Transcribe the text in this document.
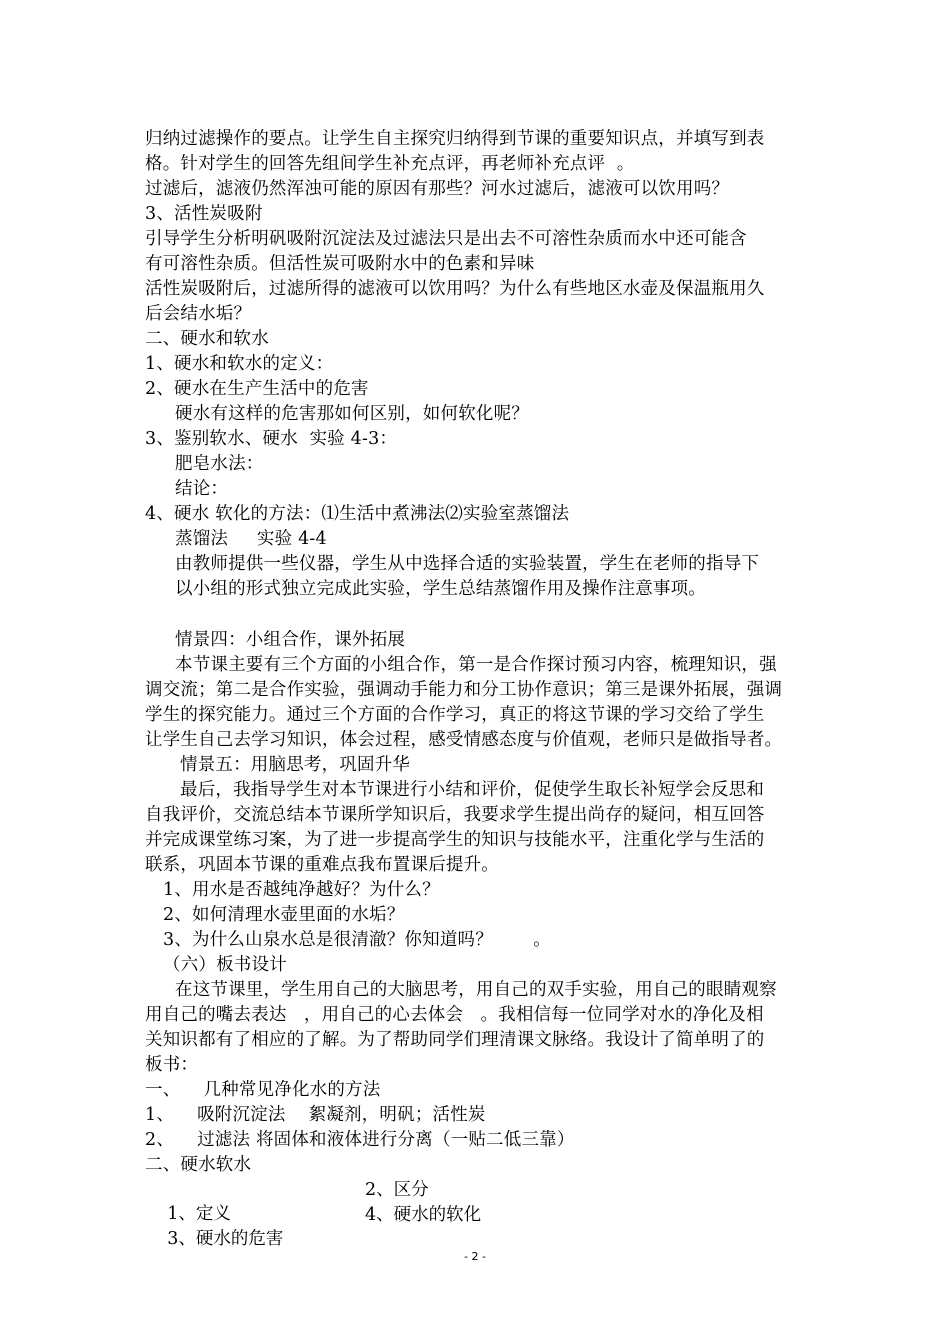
归纳过滤操作的要点。让学生自主探究归纳得到节课的重要知识点，并填写到表
格。针对学生的回答先组间学生补充点评，再老师补充点评  。
过滤后，滤液仍然浑浊可能的原因有那些？河水过滤后，滤液可以饮用吗？
3、活性炭吸附
引导学生分析明矾吸附沉淀法及过滤法只是出去不可溶性杂质而水中还可能含
有可溶性杂质。但活性炭可吸附水中的色素和异味
活性炭吸附后，过滤所得的滤液可以饮用吗？为什么有些地区水壶及保温瓶用久
后会结水垢？
二、硬水和软水
1、硬水和软水的定义：
2、硬水在生产生活中的危害
硬水有这样的危害那如何区别，如何软化呢？
3、鉴别软水、硬水  实验 4-3：
肥皂水法：
结论：
4、硬水 软化的方法：⑴生活中煮沸法⑵实验室蒸馏法
蒸馏法     实验 4-4
由教师提供一些仪器，学生从中选择合适的实验装置，学生在老师的指导下
以小组的形式独立完成此实验，学生总结蒸馏作用及操作注意事项。
情景四：小组合作，课外拓展
本节课主要有三个方面的小组合作，第一是合作探讨预习内容，梳理知识，强
调交流；第二是合作实验，强调动手能力和分工协作意识；第三是课外拓展，强调
学生的探究能力。通过三个方面的合作学习，真正的将这节课的学习交给了学生
让学生自己去学习知识，体会过程，感受情感态度与价值观，老师只是做指导者。
情景五：用脑思考，巩固升华
最后，我指导学生对本节课进行小结和评价，促使学生取长补短学会反思和
自我评价，交流总结本节课所学知识后，我要求学生提出尚存的疑问，相互回答
并完成课堂练习案，为了进一步提高学生的知识与技能水平，注重化学与生活的
联系，巩固本节课的重难点我布置课后提升。
1、用水是否越纯净越好？为什么？
2、如何清理水壶里面的水垢？
3、为什么山泉水总是很清澈？你知道吗？       。
（六）板书设计
在这节课里，学生用自己的大脑思考，用自己的双手实验，用自己的眼睛观察
用自己的嘴去表达   ，用自己的心去体会   。我相信每一位同学对水的净化及相
关知识都有了相应的了解。为了帮助同学们理清课文脉络。我设计了简单明了的
板书：
一、    几种常见净化水的方法
1、    吸附沉淀法    絮凝剂，明矾；活性炭
2、    过滤法 将固体和液体进行分离（一贴二低三靠）
二、硬水软水

1、定义

2、区分

3、硬水的危害

4、硬水的软化

- 2 -
